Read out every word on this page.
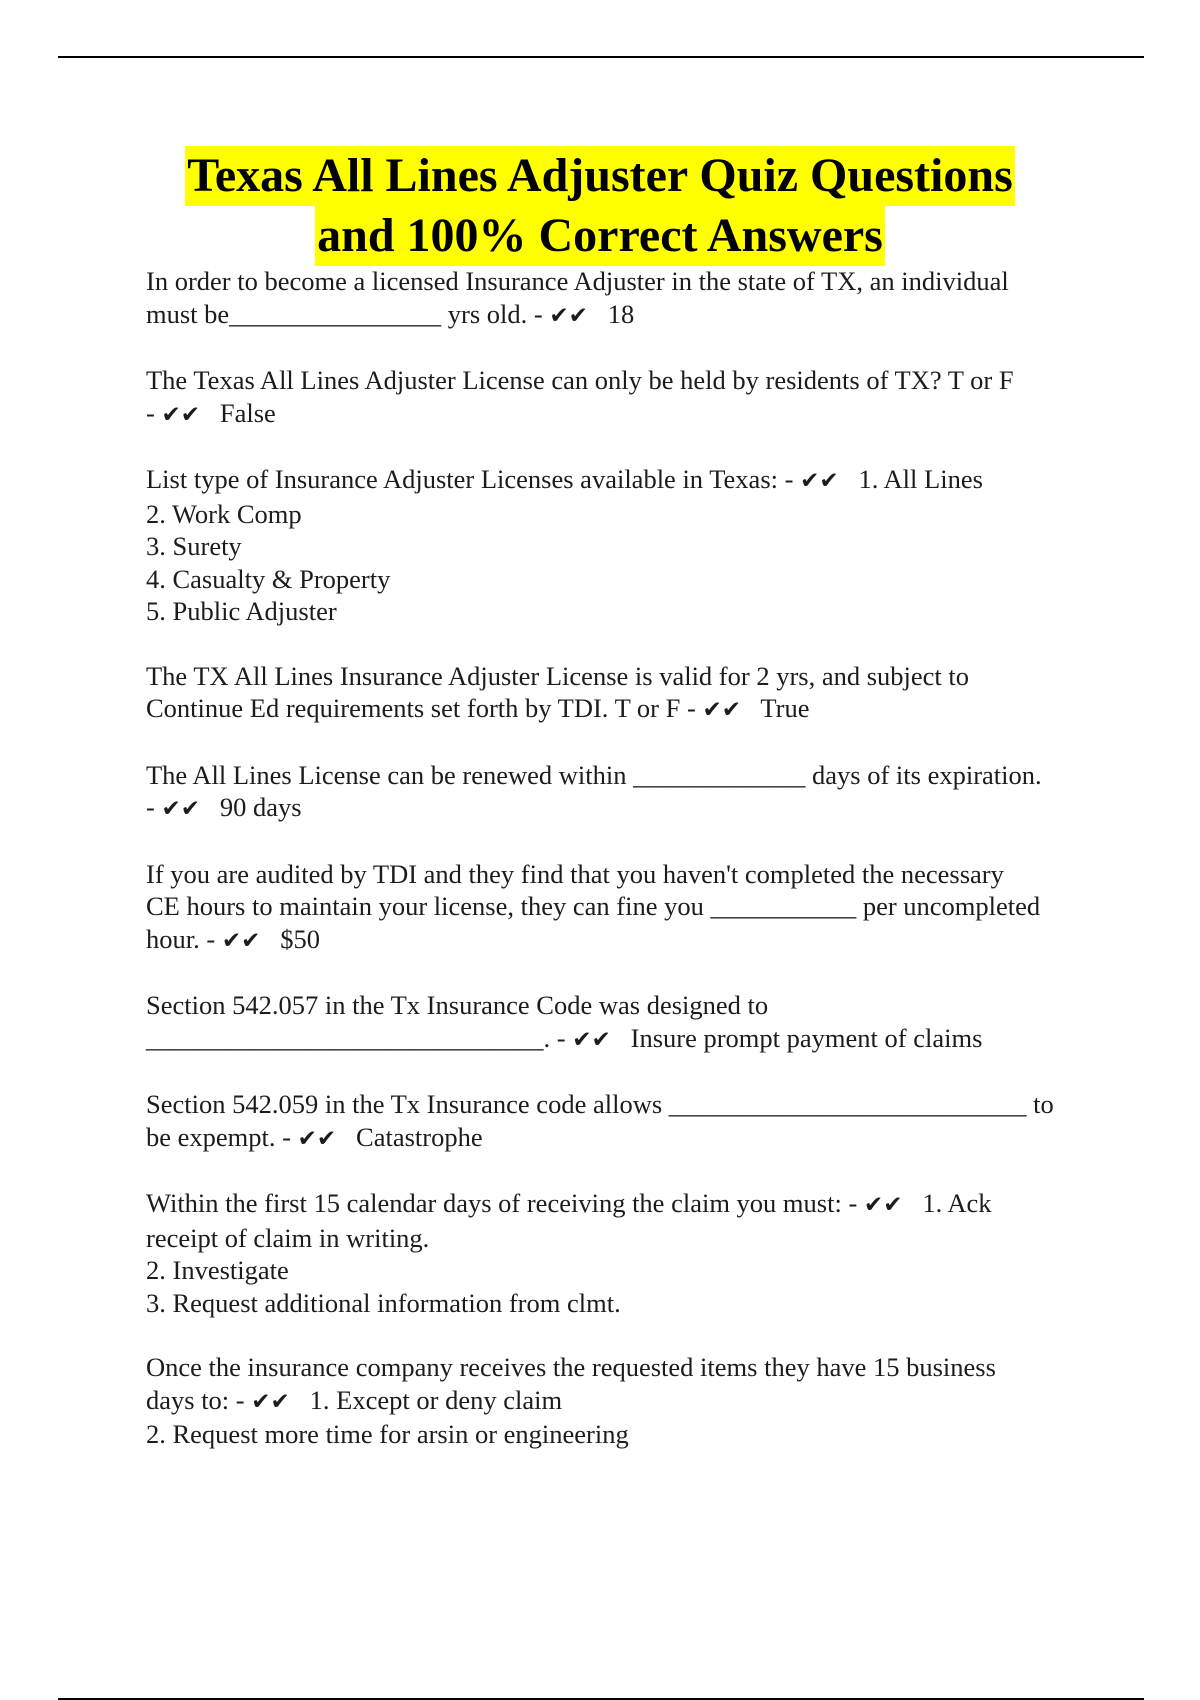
Texas All Lines Adjuster Quiz Questions
and 100% Correct Answers
In order to become a licensed Insurance Adjuster in the state of TX, an individual
must be________________ yrs old. - ✔✔   18
The Texas All Lines Adjuster License can only be held by residents of TX? T or F
- ✔✔   False
List type of Insurance Adjuster Licenses available in Texas: - ✔✔   1. All Lines
2. Work Comp
3. Surety
4. Casualty & Property
5. Public Adjuster
The TX All Lines Insurance Adjuster License is valid for 2 yrs, and subject to
Continue Ed requirements set forth by TDI. T or F - ✔✔   True
The All Lines License can be renewed within _____________ days of its expiration.
- ✔✔   90 days
If you are audited by TDI and they find that you haven't completed the necessary
CE hours to maintain your license, they can fine you ___________ per uncompleted
hour. - ✔✔   $50
Section 542.057 in the Tx Insurance Code was designed to
______________________________. - ✔✔   Insure prompt payment of claims
Section 542.059 in the Tx Insurance code allows ___________________________ to
be expempt. - ✔✔   Catastrophe
Within the first 15 calendar days of receiving the claim you must: - ✔✔   1. Ack
receipt of claim in writing.
2. Investigate
3. Request additional information from clmt.
Once the insurance company receives the requested items they have 15 business
days to: - ✔✔   1. Except or deny claim
2. Request more time for arsin or engineering
